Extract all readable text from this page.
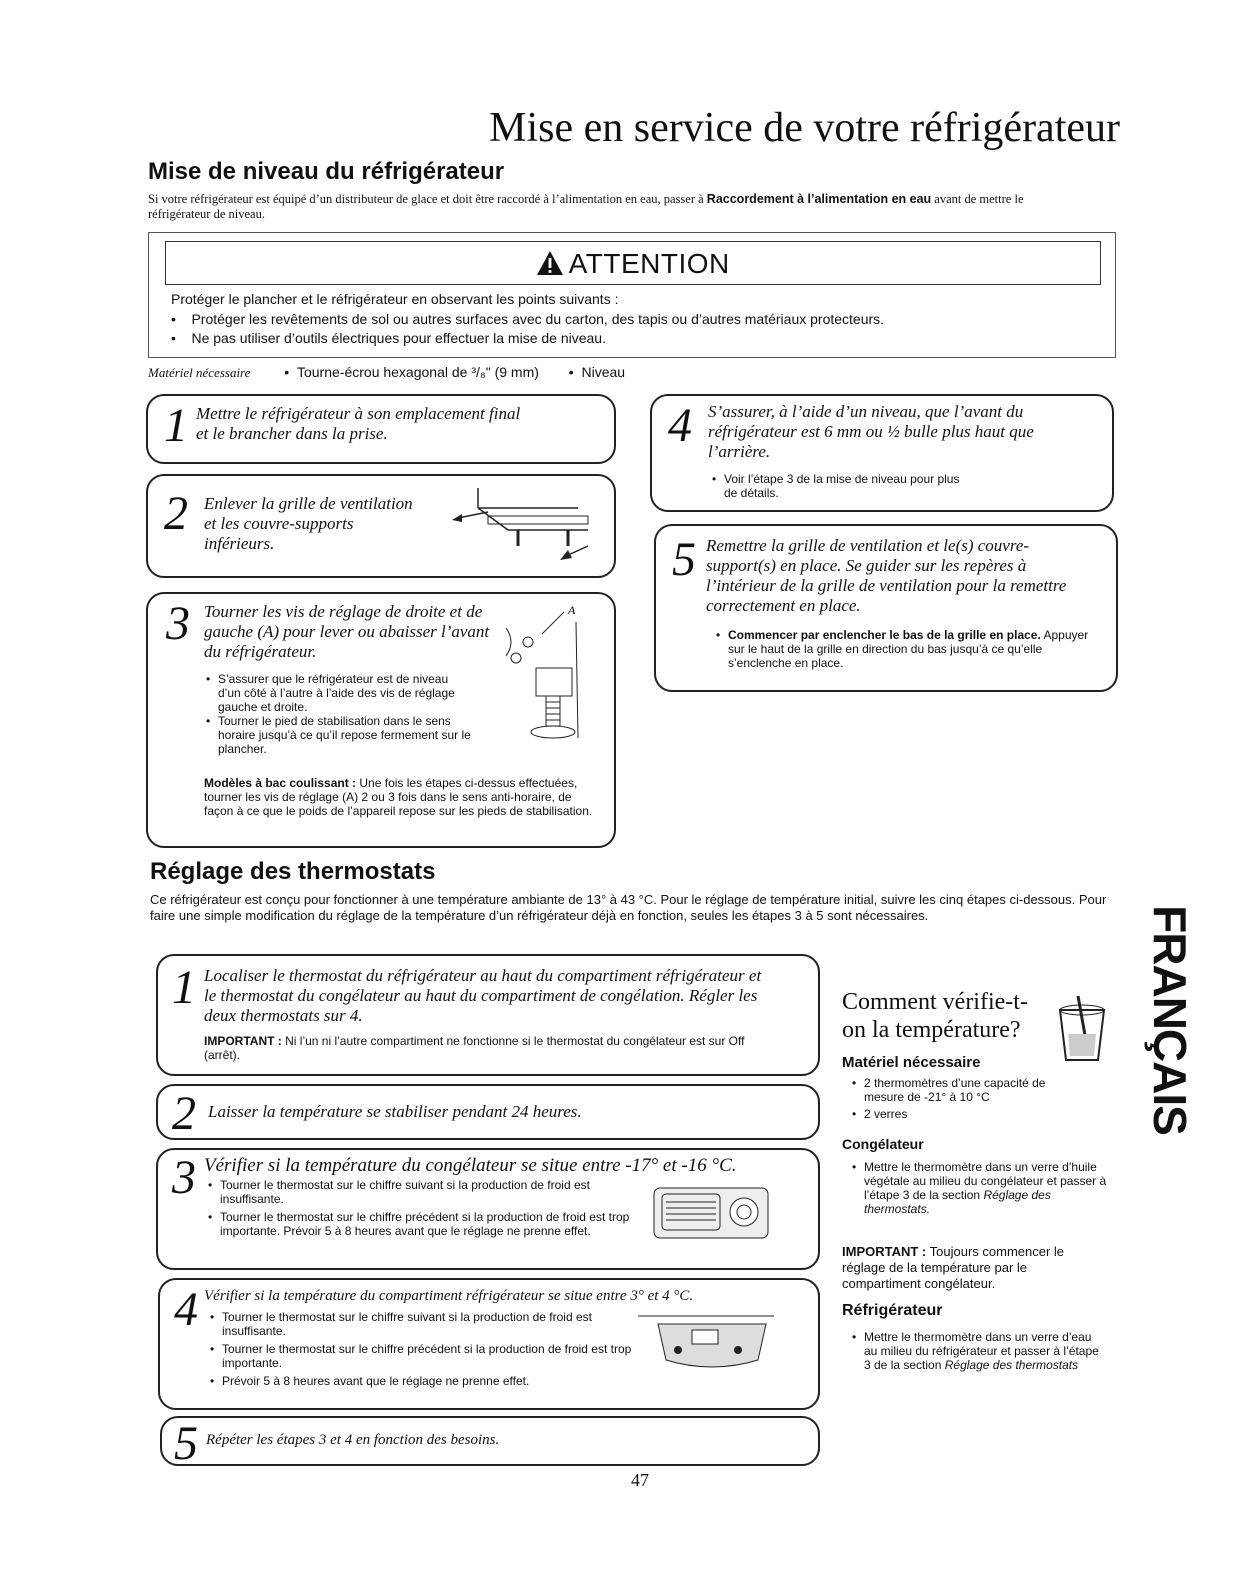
Mise en service de votre réfrigérateur
Mise de niveau du réfrigérateur
Si votre réfrigérateur est équipé d’un distributeur de glace et doit être raccordé à l’alimentation en eau, passer à Raccordement à l’alimentation en eau avant de mettre le réfrigérateur de niveau.
ATTENTION
Protéger le plancher et le réfrigérateur en observant les points suivants :
•    Protéger les revêtements de sol ou autres surfaces avec du carton, des tapis ou d’autres matériaux protecteurs.
•    Ne pas utiliser d’outils électriques pour effectuer la mise de niveau.
Matériel nécessaire •  Tourne-écrou hexagonal de ³/₈" (9 mm) •  Niveau
1 Mettre le réfrigérateur à son emplacement final et le brancher dans la prise.
2 Enlever la grille de ventilation et les couvre-supports inférieurs.
3 Tourner les vis de réglage de droite et de gauche (A) pour lever ou abaisser l’avant du réfrigérateur.
• S’assurer que le réfrigérateur est de niveau d’un côté à l’autre à l’aide des vis de réglage gauche et droite.
• Tourner le pied de stabilisation dans le sens horaire jusqu’à ce qu’il repose fermement sur le plancher.
Modèles à bac coulissant : Une fois les étapes ci-dessus effectuées, tourner les vis de réglage (A) 2 ou 3 fois dans le sens anti-horaire, de façon à ce que le poids de l’appareil repose sur les pieds de stabilisation.
A
4 S’assurer, à l’aide d’un niveau, que l’avant du réfrigérateur est 6 mm ou ½ bulle plus haut que l’arrière.
• Voir l’étape 3 de la mise de niveau pour plus de détails.
5 Remettre la grille de ventilation et le(s) couvre-support(s) en place. Se guider sur les repères à l’intérieur de la grille de ventilation pour la remettre correctement en place.
• Commencer par enclencher le bas de la grille en place. Appuyer sur le haut de la grille en direction du bas jusqu’à ce qu’elle s’enclenche en place.
Réglage des thermostats
Ce réfrigérateur est conçu pour fonctionner à une température ambiante de 13° à 43 °C. Pour le réglage de température initial, suivre les cinq étapes ci-dessous. Pour faire une simple modification du réglage de la température d’un réfrigérateur déjà en fonction, seules les étapes 3 à 5 sont nécessaires.
1 Localiser le thermostat du réfrigérateur au haut du compartiment réfrigérateur et le thermostat du congélateur au haut du compartiment de congélation. Régler les deux thermostats sur 4.
IMPORTANT : Ni l’un ni l’autre compartiment ne fonctionne si le thermostat du congélateur est sur Off (arrêt).
2 Laisser la température se stabiliser pendant 24 heures.
3 Vérifier si la température du congélateur se situe entre -17° et -16 °C.
• Tourner le thermostat sur le chiffre suivant si la production de froid est insuffisante.
• Tourner le thermostat sur le chiffre précédent si la production de froid est trop importante. Prévoir 5 à 8 heures avant que le réglage ne prenne effet.
4 Vérifier si la température du compartiment réfrigérateur se situe entre 3° et 4 °C.
• Tourner le thermostat sur le chiffre suivant si la production de froid est insuffisante.
• Tourner le thermostat sur le chiffre précédent si la production de froid est trop importante.
• Prévoir 5 à 8 heures avant que le réglage ne prenne effet.
5 Répéter les étapes 3 et 4 en fonction des besoins.
Comment vérifie-t-on la température?
Matériel nécessaire
• 2 thermomètres d’une capacité de mesure de -21° à 10 °C
• 2 verres
Congélateur
• Mettre le thermomètre dans un verre d’huile végétale au milieu du congélateur et passer à l’étape 3 de la section Réglage des thermostats.
IMPORTANT : Toujours commencer le réglage de la température par le compartiment congélateur.
Réfrigérateur
• Mettre le thermomètre dans un verre d’eau au milieu du réfrigérateur et passer à l’étape 3 de la section Réglage des thermostats
FRANÇAIS
47
